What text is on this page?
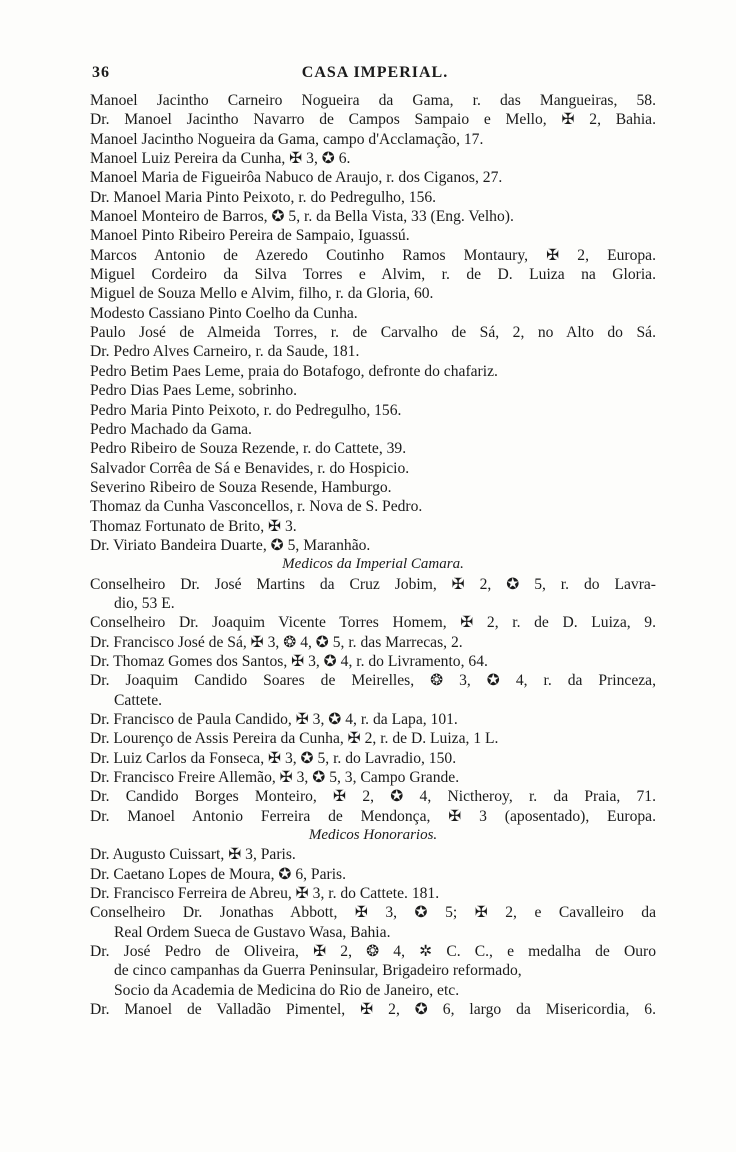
36	CASA IMPERIAL.
Manoel Jacintho Carneiro Nogueira da Gama, r. das Mangueiras, 58.
Dr. Manoel Jacintho Navarro de Campos Sampaio e Mello, ✠ 2, Bahia.
Manoel Jacintho Nogueira da Gama, campo d'Acclamação, 17.
Manoel Luiz Pereira da Cunha, ✠ 3, ✪ 6.
Manoel Maria de Figueirôa Nabuco de Araujo, r. dos Ciganos, 27.
Dr. Manoel Maria Pinto Peixoto, r. do Pedregulho, 156.
Manoel Monteiro de Barros, ✪ 5, r. da Bella Vista, 33 (Eng. Velho).
Manoel Pinto Ribeiro Pereira de Sampaio, Iguassú.
Marcos Antonio de Azeredo Coutinho Ramos Montaury, ✠ 2, Europa.
Miguel Cordeiro da Silva Torres e Alvim, r. de D. Luiza na Gloria.
Miguel de Souza Mello e Alvim, filho, r. da Gloria, 60.
Modesto Cassiano Pinto Coelho da Cunha.
Paulo José de Almeida Torres, r. de Carvalho de Sá, 2, no Alto do Sá.
Dr. Pedro Alves Carneiro, r. da Saude, 181.
Pedro Betim Paes Leme, praia do Botafogo, defronte do chafariz.
Pedro Dias Paes Leme, sobrinho.
Pedro Maria Pinto Peixoto, r. do Pedregulho, 156.
Pedro Machado da Gama.
Pedro Ribeiro de Souza Rezende, r. do Cattete, 39.
Salvador Corrêa de Sá e Benavides, r. do Hospicio.
Severino Ribeiro de Souza Resende, Hamburgo.
Thomaz da Cunha Vasconcellos, r. Nova de S. Pedro.
Thomaz Fortunato de Brito, ✠ 3.
Dr. Viriato Bandeira Duarte, ✪ 5, Maranhão.
Medicos da Imperial Camara.
Conselheiro Dr. José Martins da Cruz Jobim, ✠ 2, ✪ 5, r. do Lavra-
dio, 53 E.
Conselheiro Dr. Joaquim Vicente Torres Homem, ✠ 2, r. de D. Luiza, 9.
Dr. Francisco José de Sá, ✠ 3, ❂ 4, ✪ 5, r. das Marrecas, 2.
Dr. Thomaz Gomes dos Santos, ✠ 3, ✪ 4, r. do Livramento, 64.
Dr. Joaquim Candido Soares de Meirelles, ❂ 3, ✪ 4, r. da Princeza,
Cattete.
Dr. Francisco de Paula Candido, ✠ 3, ✪ 4, r. da Lapa, 101.
Dr. Lourenço de Assis Pereira da Cunha, ✠ 2, r. de D. Luiza, 1 L.
Dr. Luiz Carlos da Fonseca, ✠ 3, ✪ 5, r. do Lavradio, 150.
Dr. Francisco Freire Allemão, ✠ 3, ✪ 5, 3, Campo Grande.
Dr. Candido Borges Monteiro, ✠ 2, ✪ 4, Nictheroy, r. da Praia, 71.
Dr. Manoel Antonio Ferreira de Mendonça, ✠ 3 (aposentado), Europa.
Medicos Honorarios.
Dr. Augusto Cuissart, ✠ 3, Paris.
Dr. Caetano Lopes de Moura, ✪ 6, Paris.
Dr. Francisco Ferreira de Abreu, ✠ 3, r. do Cattete. 181.
Conselheiro Dr. Jonathas Abbott, ✠ 3, ✪ 5; ✠ 2, e Cavalleiro da
Real Ordem Sueca de Gustavo Wasa, Bahia.
Dr. José Pedro de Oliveira, ✠ 2, ❂ 4, ✲ C. C., e medalha de Ouro
de cinco campanhas da Guerra Peninsular, Brigadeiro reformado,
Socio da Academia de Medicina do Rio de Janeiro, etc.
Dr. Manoel de Valladão Pimentel, ✠ 2, ✪ 6, largo da Misericordia, 6.
